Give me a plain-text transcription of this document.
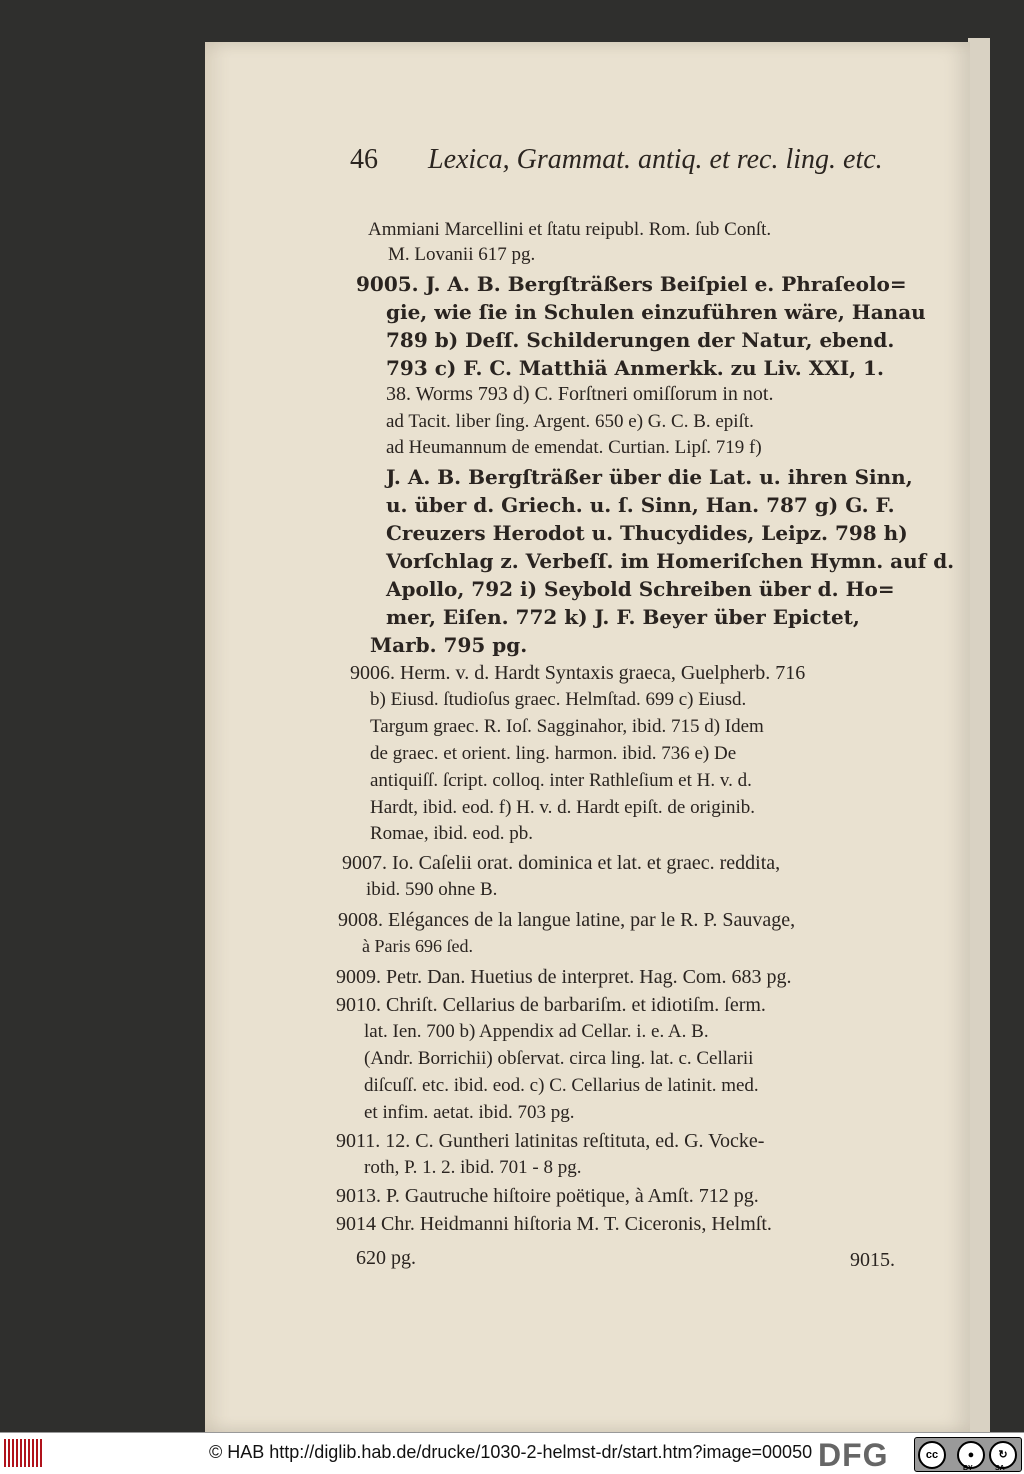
46 Lexica, Grammat. antiq. et rec. ling. etc.
Ammiani Marcellini et ſtatu reipubl. Rom. ſub Conſt.
M. Lovanii 617 pg.
9005. J. A. B. Bergſträßers Beiſpiel e. Phraſeolo=
gie, wie ſie in Schulen einzuführen wäre, Hanau
789 b) Deſſ. Schilderungen der Natur, ebend.
793 c) F. C. Matthiä Anmerkk. zu Liv. XXI, 1.
38. Worms 793 d) C. Forſtneri omiſſorum in not.
ad Tacit. liber ſing. Argent. 650 e) G. C. B. epiſt.
ad Heumannum de emendat. Curtian. Lipſ. 719 f)
J. A. B. Bergſträßer über die Lat. u. ihren Sinn,
u. über d. Griech. u. ſ. Sinn, Han. 787 g) G. F.
Creuzers Herodot u. Thucydides, Leipz. 798 h)
Vorſchlag z. Verbeſſ. im Homeriſchen Hymn. auf d.
Apollo, 792 i) Seybold Schreiben über d. Ho=
mer, Eiſen. 772 k) J. F. Beyer über Epictet,
Marb. 795 pg.
9006. Herm. v. d. Hardt Syntaxis graeca, Guelpherb. 716
b) Eiusd. ſtudioſus graec. Helmſtad. 699 c) Eiusd.
Targum graec. R. Ioſ. Sagginahor, ibid. 715 d) Idem
de graec. et orient. ling. harmon. ibid. 736 e) De
antiquiſſ. ſcript. colloq. inter Rathleſium et H. v. d.
Hardt, ibid. eod. f) H. v. d. Hardt epiſt. de originib.
Romae, ibid. eod. pb.
9007. Io. Caſelii orat. dominica et lat. et graec. reddita,
ibid. 590 ohne B.
9008. Elégances de la langue latine, par le R. P. Sauvage,
à Paris 696 ſed.
9009. Petr. Dan. Huetius de interpret. Hag. Com. 683 pg.
9010. Chriſt. Cellarius de barbariſm. et idiotiſm. ſerm.
lat. Ien. 700 b) Appendix ad Cellar. i. e. A. B.
(Andr. Borrichii) obſervat. circa ling. lat. c. Cellarii
diſcuſſ. etc. ibid. eod. c) C. Cellarius de latinit. med.
et infim. aetat. ibid. 703 pg.
9011. 12. C. Guntheri latinitas reſtituta, ed. G. Vocke-
roth, P. 1. 2. ibid. 701 - 8 pg.
9013. P. Gautruche hiſtoire poëtique, à Amſt. 712 pg.
9014 Chr. Heidmanni hiſtoria M. T. Ciceronis, Helmſt.
620 pg.	9015.
© HAB http://diglib.hab.de/drucke/1030-2-helmst-dr/start.htm?image=00050 DFG	cc	●	↻
BY	SA
